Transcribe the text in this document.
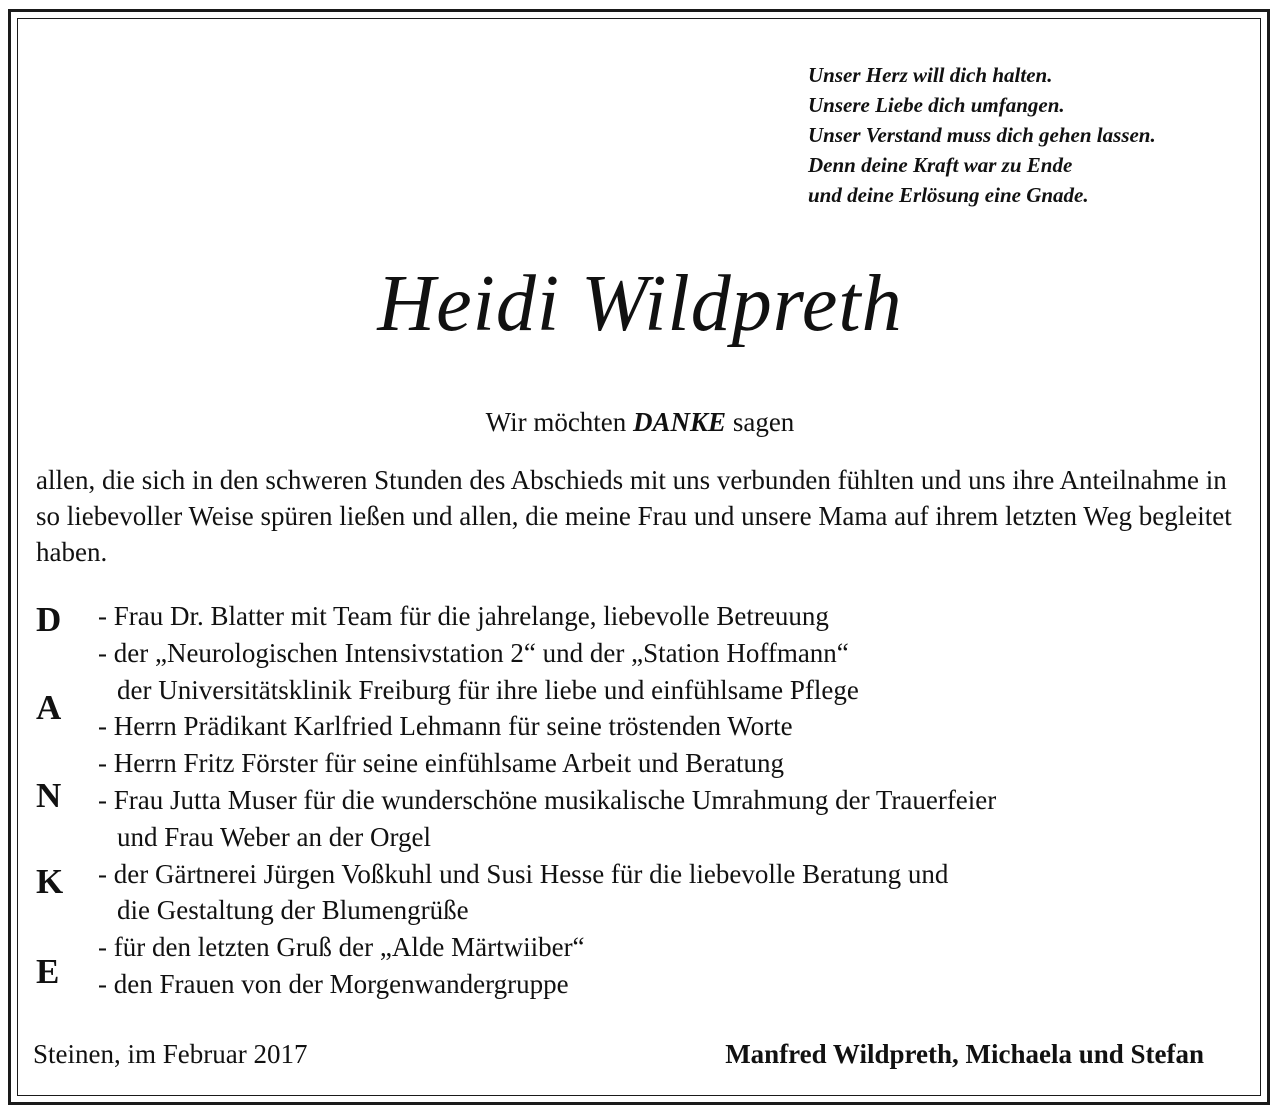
Unser Herz will dich halten.
Unsere Liebe dich umfangen.
Unser Verstand muss dich gehen lassen.
Denn deine Kraft war zu Ende
und deine Erlösung eine Gnade.
Heidi Wildpreth
Wir möchten DANKE sagen
allen, die sich in den schweren Stunden des Abschieds mit uns verbunden fühlten und uns ihre Anteilnahme in so liebevoller Weise spüren ließen und allen, die meine Frau und unsere Mama auf ihrem letzten Weg begleitet haben.
D
A
N
K
E
- Frau Dr. Blatter mit Team für die jahrelange, liebevolle Betreuung
- der „Neurologischen Intensivstation 2“ und der „Station Hoffmann“
der Universitätsklinik Freiburg für ihre liebe und einfühlsame Pflege
- Herrn Prädikant Karlfried Lehmann für seine tröstenden Worte
- Herrn Fritz Förster für seine einfühlsame Arbeit und Beratung
- Frau Jutta Muser für die wunderschöne musikalische Umrahmung der Trauerfeier
und Frau Weber an der Orgel
- der Gärtnerei Jürgen Voßkuhl und Susi Hesse für die liebevolle Beratung und
die Gestaltung der Blumengrüße
- für den letzten Gruß der „Alde Märtwiiber“
- den Frauen von der Morgenwandergruppe
Steinen, im Februar 2017	Manfred Wildpreth, Michaela und Stefan
